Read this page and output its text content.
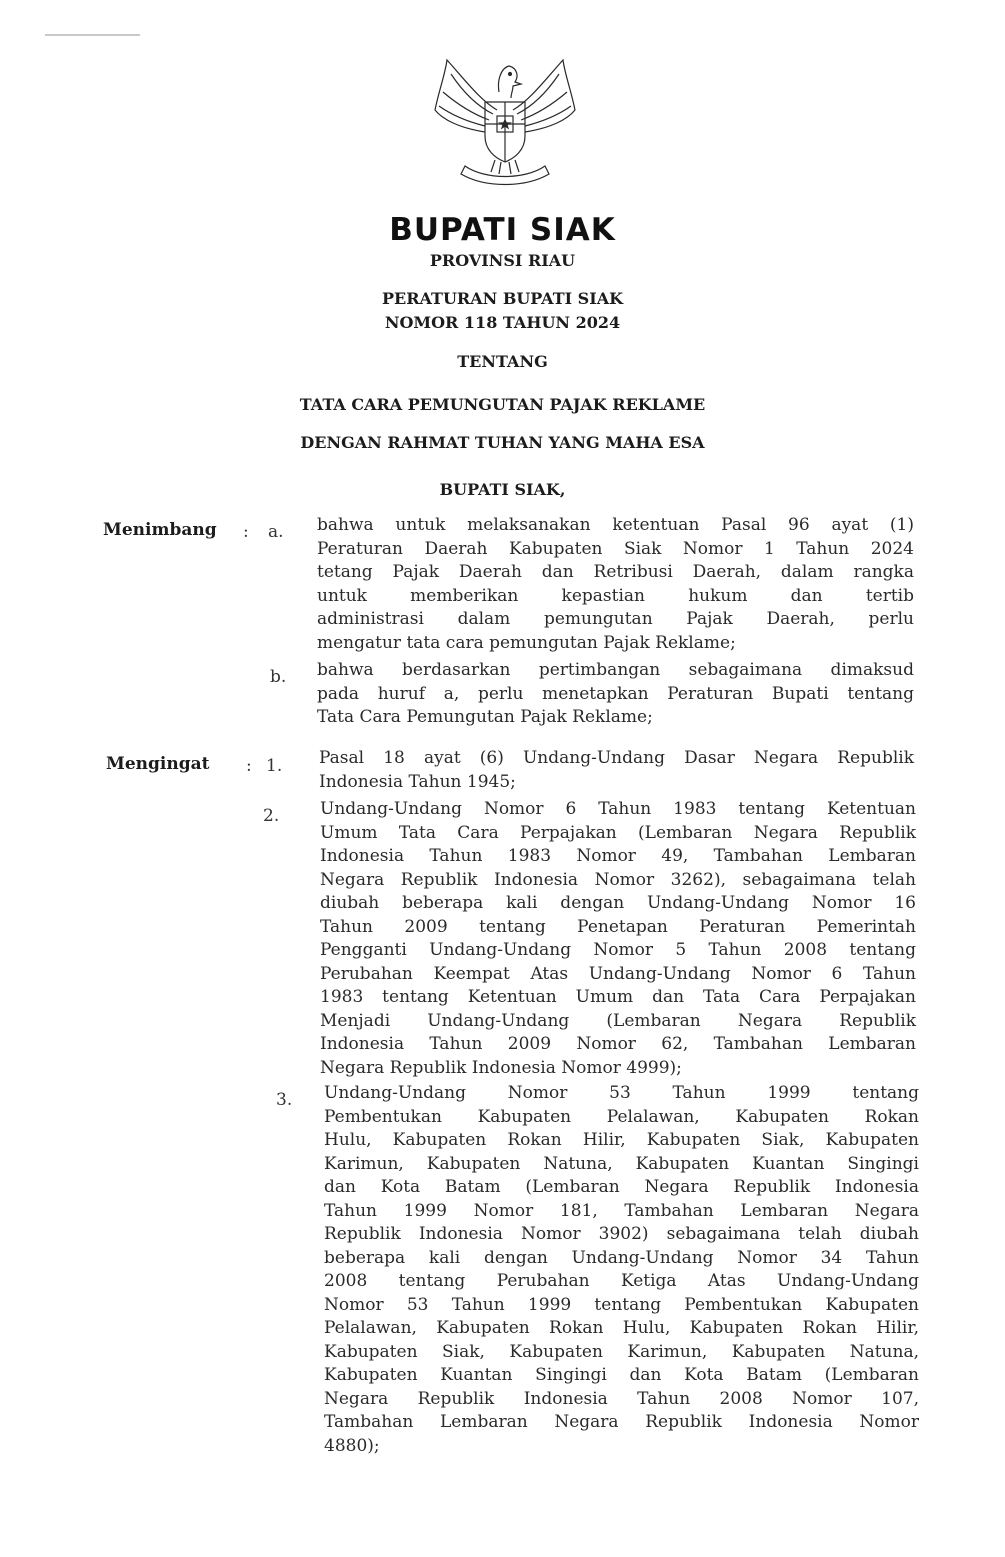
BUPATI SIAK
PROVINSI RIAU
PERATURAN BUPATI SIAK
NOMOR 118 TAHUN 2024
TENTANG
TATA CARA PEMUNGUTAN PAJAK REKLAME
DENGAN RAHMAT TUHAN YANG MAHA ESA
BUPATI SIAK,
Menimbang : a. bahwa untuk melaksanakan ketentuan Pasal 96 ayat (1)
Peraturan Daerah Kabupaten Siak Nomor 1 Tahun 2024
tetang Pajak Daerah dan Retribusi Daerah, dalam rangka
untuk memberikan kepastian hukum dan tertib
administrasi dalam pemungutan Pajak Daerah, perlu
mengatur tata cara pemungutan Pajak Reklame;
b. bahwa berdasarkan pertimbangan sebagaimana dimaksud
pada huruf a, perlu menetapkan Peraturan Bupati tentang
Tata Cara Pemungutan Pajak Reklame;
Mengingat : 1. Pasal 18 ayat (6) Undang-Undang Dasar Negara Republik
Indonesia Tahun 1945;
2. Undang-Undang Nomor 6 Tahun 1983 tentang Ketentuan
Umum Tata Cara Perpajakan (Lembaran Negara Republik
Indonesia Tahun 1983 Nomor 49, Tambahan Lembaran
Negara Republik Indonesia Nomor 3262), sebagaimana telah
diubah beberapa kali dengan Undang-Undang Nomor 16
Tahun 2009 tentang Penetapan Peraturan Pemerintah
Pengganti Undang-Undang Nomor 5 Tahun 2008 tentang
Perubahan Keempat Atas Undang-Undang Nomor 6 Tahun
1983 tentang Ketentuan Umum dan Tata Cara Perpajakan
Menjadi Undang-Undang (Lembaran Negara Republik
Indonesia Tahun 2009 Nomor 62, Tambahan Lembaran
Negara Republik Indonesia Nomor 4999);
3. Undang-Undang Nomor 53 Tahun 1999 tentang
Pembentukan Kabupaten Pelalawan, Kabupaten Rokan
Hulu, Kabupaten Rokan Hilir, Kabupaten Siak, Kabupaten
Karimun, Kabupaten Natuna, Kabupaten Kuantan Singingi
dan Kota Batam (Lembaran Negara Republik Indonesia
Tahun 1999 Nomor 181, Tambahan Lembaran Negara
Republik Indonesia Nomor 3902) sebagaimana telah diubah
beberapa kali dengan Undang-Undang Nomor 34 Tahun
2008 tentang Perubahan Ketiga Atas Undang-Undang
Nomor 53 Tahun 1999 tentang Pembentukan Kabupaten
Pelalawan, Kabupaten Rokan Hulu, Kabupaten Rokan Hilir,
Kabupaten Siak, Kabupaten Karimun, Kabupaten Natuna,
Kabupaten Kuantan Singingi dan Kota Batam (Lembaran
Negara Republik Indonesia Tahun 2008 Nomor 107,
Tambahan Lembaran Negara Republik Indonesia Nomor
4880);
